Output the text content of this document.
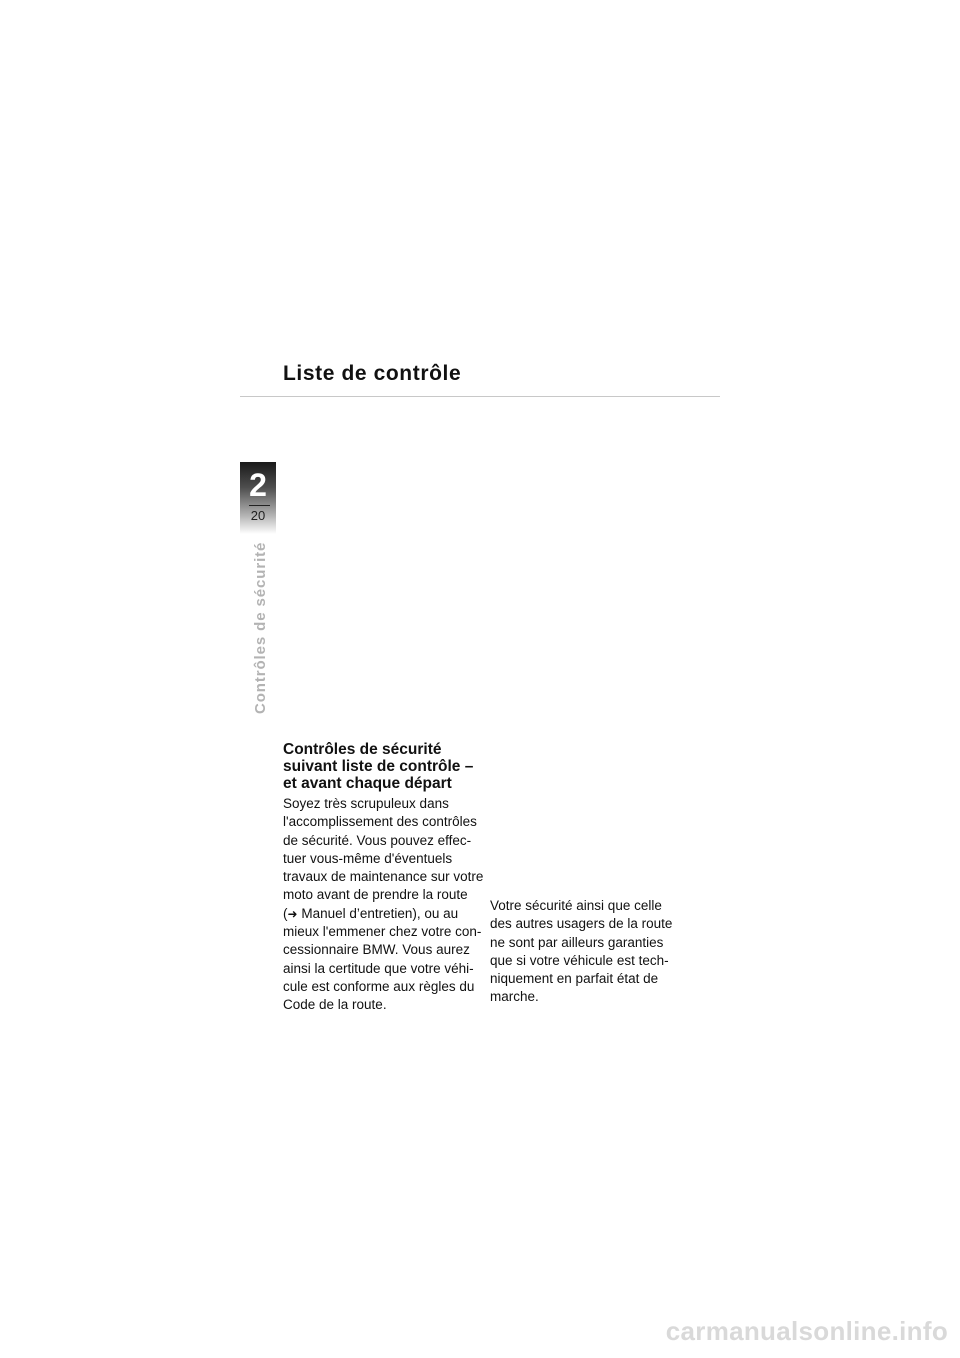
Liste de contrôle
2
20
Contrôles de sécurité
Contrôles de sécurité
suivant liste de contrôle –
et avant chaque départ
Soyez très scrupuleux dans
l'accomplissement des contrôles
de sécurité. Vous pouvez effec-
tuer vous-même d'éventuels
travaux de maintenance sur votre
moto avant de prendre la route
(➜ Manuel d’entretien), ou au
mieux l'emmener chez votre con-
cessionnaire BMW. Vous aurez
ainsi la certitude que votre véhi-
cule est conforme aux règles du
Code de la route.
Votre sécurité ainsi que celle
des autres usagers de la route
ne sont par ailleurs garanties
que si votre véhicule est tech-
niquement en parfait état de
marche.
carmanualsonline.info
